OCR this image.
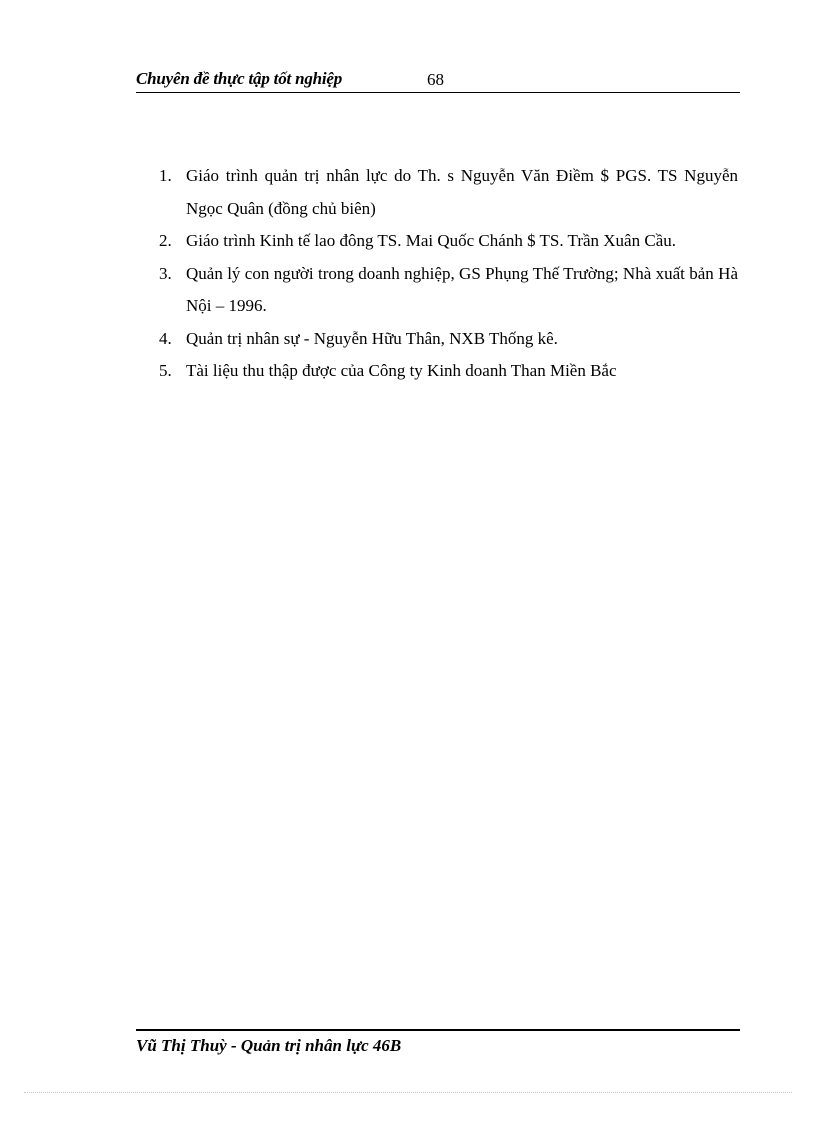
Chuyên đề thực tập tốt nghiệp	68
1. Giáo trình quản trị nhân lực do Th. s Nguyễn Văn Điềm $ PGS. TS Nguyễn Ngọc Quân (đồng chủ biên)
2. Giáo trình Kinh tế lao đông TS. Mai Quốc Chánh $ TS. Trần Xuân Cầu.
3. Quản lý con người trong doanh nghiệp, GS Phụng Thế Trường; Nhà xuất bản Hà Nội – 1996.
4. Quản trị nhân sự - Nguyễn Hữu Thân, NXB Thống kê.
5. Tài liệu thu thập được của Công ty Kinh doanh Than Miền Bắc
Vũ Thị Thuỳ - Quản trị nhân lực 46B
